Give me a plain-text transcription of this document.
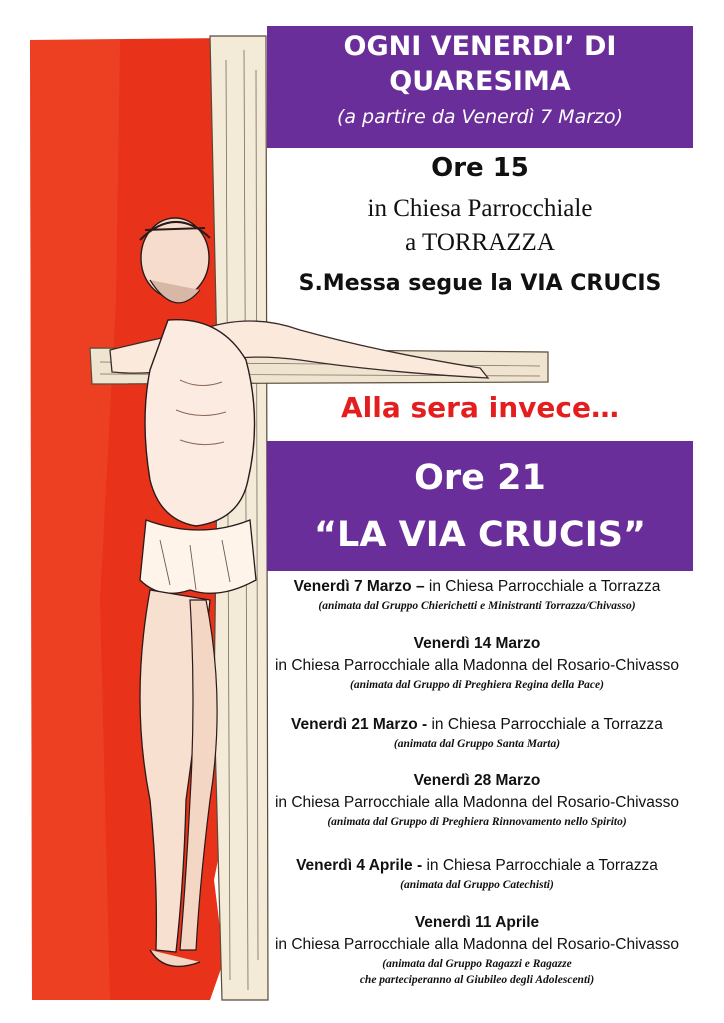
OGNI VENERDI’ DI
QUARESIMA
(a partire da Venerdì 7 Marzo)
Ore 15
in Chiesa Parrocchiale
a TORRAZZA
S.Messa segue la VIA CRUCIS
Alla sera invece…
Ore 21
“LA VIA CRUCIS”
Venerdì 7 Marzo – in Chiesa Parrocchiale a Torrazza
(animata dal Gruppo Chierichetti e Ministranti Torrazza/Chivasso)
Venerdì 14 Marzo
in Chiesa Parrocchiale alla Madonna del Rosario-Chivasso
(animata dal Gruppo di Preghiera Regina della Pace)
Venerdì 21 Marzo - in Chiesa Parrocchiale a Torrazza
(animata dal Gruppo Santa Marta)
Venerdì 28 Marzo
in Chiesa Parrocchiale alla Madonna del Rosario-Chivasso
(animata dal Gruppo di Preghiera Rinnovamento nello Spirito)
Venerdì 4 Aprile - in Chiesa Parrocchiale a Torrazza
(animata dal Gruppo Catechisti)
Venerdì 11 Aprile
in Chiesa Parrocchiale alla Madonna del Rosario-Chivasso
(animata dal Gruppo Ragazzi e Ragazze
che parteciperanno al Giubileo degli Adolescenti)
